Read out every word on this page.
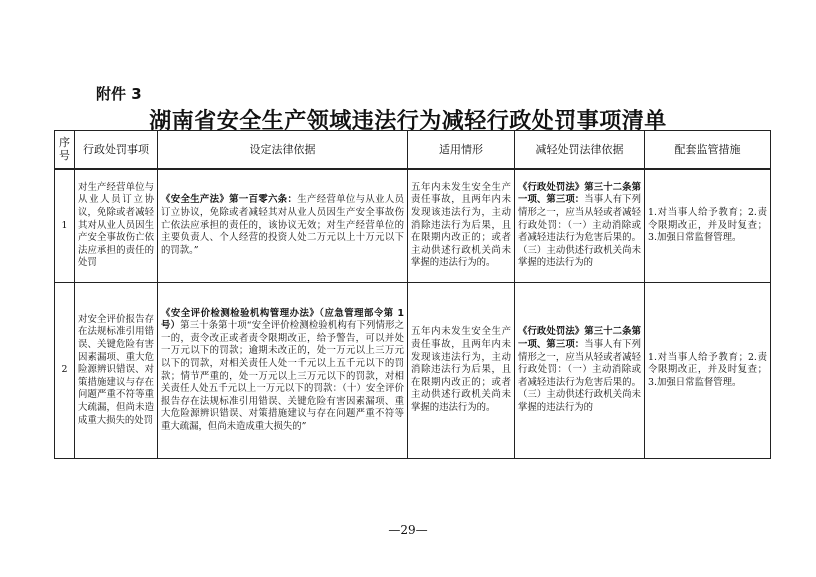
附件 3
湖南省安全生产领域违法行为减轻行政处罚事项清单
序号	行政处罚事项	设定法律依据	适用情形	减轻处罚法律依据	配套监管措施
1	对生产经营单位与从业人员订立协议，免除或者减轻其对从业人员因生产安全事故伤亡依法应承担的责任的处罚	《安全生产法》第一百零六条：生产经营单位与从业人员订立协议，免除或者减轻其对从业人员因生产安全事故伤亡依法应承担的责任的，该协议无效；对生产经营单位的主要负责人、个人经营的投资人处二万元以上十万元以下的罚款。”	五年内未发生安全生产责任事故，且两年内未发现该违法行为，主动消除违法行为后果，且在限期内改正的；或者主动供述行政机关尚未掌握的违法行为的。	《行政处罚法》第三十二条第一项、第三项：当事人有下列情形之一，应当从轻或者减轻行政处罚：（一）主动消除或者减轻违法行为危害后果的。（三）主动供述行政机关尚未掌握的违法行为的	1.对当事人给予教育；2.责令限期改正，并及时复查；3.加强日常监督管理。
2	对安全评价报告存在法规标准引用错误、关键危险有害因素漏项、重大危险源辨识错误、对策措施建议与存在问题严重不符等重大疏漏，但尚未造成重大损失的处罚	《安全评价检测检验机构管理办法》（应急管理部令第 1 号）第三十条第十项“安全评价检测检验机构有下列情形之一的，责令改正或者责令限期改正，给予警告，可以并处一万元以下的罚款；逾期未改正的，处一万元以上三万元以下的罚款，对相关责任人处一千元以上五千元以下的罚款；情节严重的，处一万元以上三万元以下的罚款，对相关责任人处五千元以上一万元以下的罚款：（十）安全评价报告存在法规标准引用错误、关键危险有害因素漏项、重大危险源辨识错误、对策措施建议与存在问题严重不符等重大疏漏，但尚未造成重大损失的”	五年内未发生安全生产责任事故，且两年内未发现该违法行为，主动消除违法行为后果，且在限期内改正的；或者主动供述行政机关尚未掌握的违法行为的。	《行政处罚法》第三十二条第一项、第三项：当事人有下列情形之一，应当从轻或者减轻行政处罚：（一）主动消除或者减轻违法行为危害后果的。（三）主动供述行政机关尚未掌握的违法行为的	1.对当事人给予教育；2.责令限期改正，并及时复查；3.加强日常监督管理。
—29—
